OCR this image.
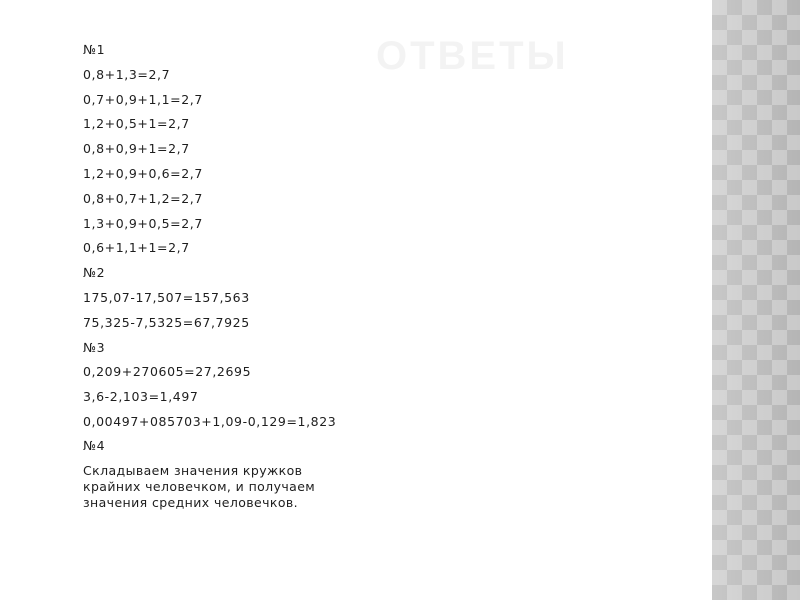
ОТВЕТЫ
№1
0,8+1,3=2,7
0,7+0,9+1,1=2,7
1,2+0,5+1=2,7
0,8+0,9+1=2,7
1,2+0,9+0,6=2,7
0,8+0,7+1,2=2,7
1,3+0,9+0,5=2,7
0,6+1,1+1=2,7
№2
175,07-17,507=157,563
75,325-7,5325=67,7925
№3
0,209+270605=27,2695
3,6-2,103=1,497
0,00497+085703+1,09-0,129=1,823
№4
Складываем значения кружков крайних человечком, и получаем значения средних человечков.
